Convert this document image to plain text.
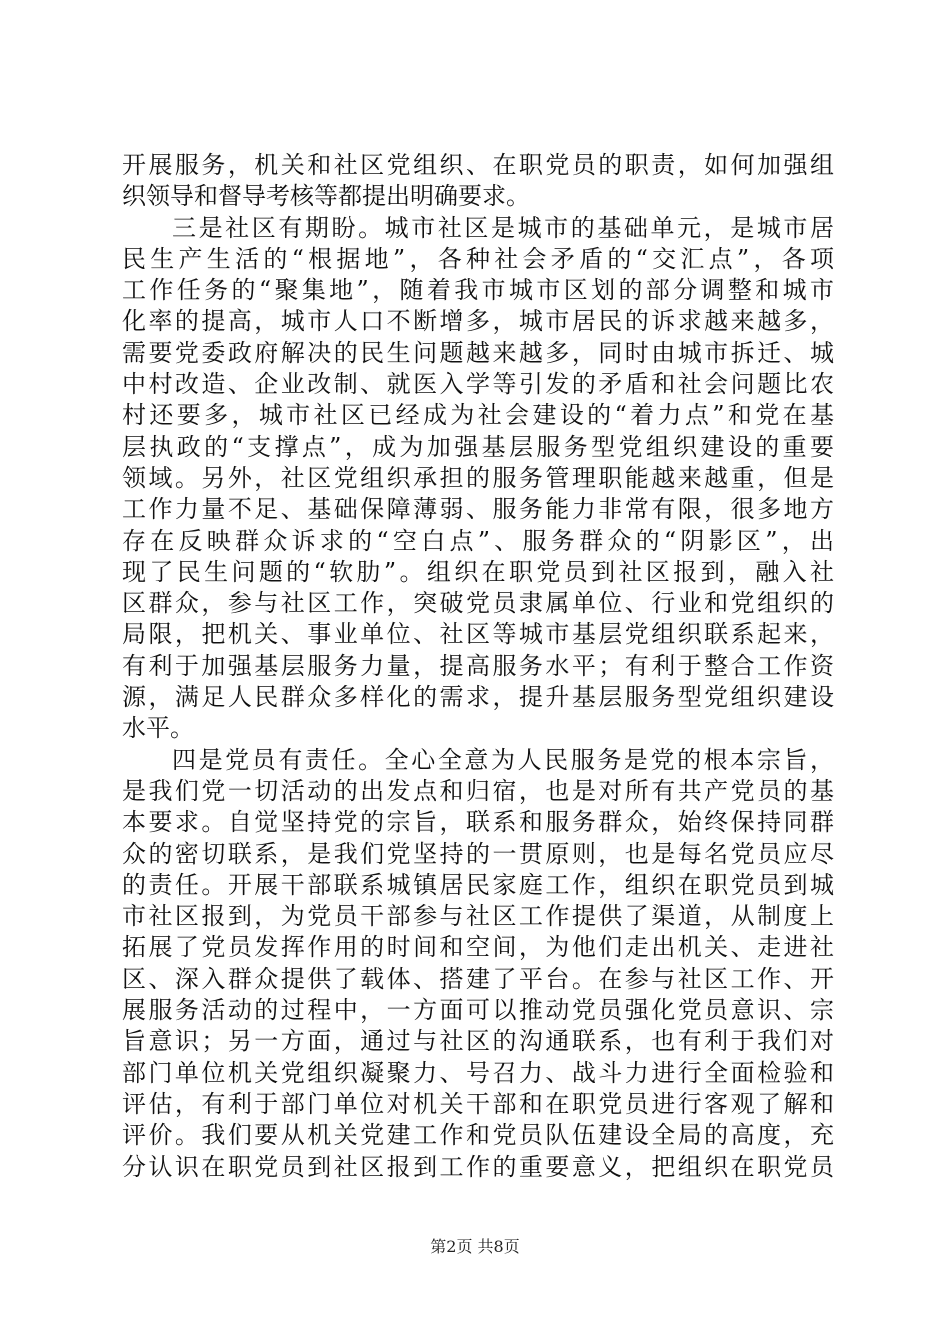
开展服务，机关和社区党组织、在职党员的职责，如何加强组
织领导和督导考核等都提出明确要求。
三是社区有期盼。城市社区是城市的基础单元，是城市居
民生产生活的“根据地”，各种社会矛盾的“交汇点”，各项
工作任务的“聚集地”，随着我市城市区划的部分调整和城市
化率的提高，城市人口不断增多，城市居民的诉求越来越多，
需要党委政府解决的民生问题越来越多，同时由城市拆迁、城
中村改造、企业改制、就医入学等引发的矛盾和社会问题比农
村还要多，城市社区已经成为社会建设的“着力点”和党在基
层执政的“支撑点”，成为加强基层服务型党组织建设的重要
领域。另外，社区党组织承担的服务管理职能越来越重，但是
工作力量不足、基础保障薄弱、服务能力非常有限，很多地方
存在反映群众诉求的“空白点”、服务群众的“阴影区”，出
现了民生问题的“软肋”。组织在职党员到社区报到，融入社
区群众，参与社区工作，突破党员隶属单位、行业和党组织的
局限，把机关、事业单位、社区等城市基层党组织联系起来，
有利于加强基层服务力量，提高服务水平；有利于整合工作资
源，满足人民群众多样化的需求，提升基层服务型党组织建设
水平。
四是党员有责任。全心全意为人民服务是党的根本宗旨，
是我们党一切活动的出发点和归宿，也是对所有共产党员的基
本要求。自觉坚持党的宗旨，联系和服务群众，始终保持同群
众的密切联系，是我们党坚持的一贯原则，也是每名党员应尽
的责任。开展干部联系城镇居民家庭工作，组织在职党员到城
市社区报到，为党员干部参与社区工作提供了渠道，从制度上
拓展了党员发挥作用的时间和空间，为他们走出机关、走进社
区、深入群众提供了载体、搭建了平台。在参与社区工作、开
展服务活动的过程中，一方面可以推动党员强化党员意识、宗
旨意识；另一方面，通过与社区的沟通联系，也有利于我们对
部门单位机关党组织凝聚力、号召力、战斗力进行全面检验和
评估，有利于部门单位对机关干部和在职党员进行客观了解和
评价。我们要从机关党建工作和党员队伍建设全局的高度，充
分认识在职党员到社区报到工作的重要意义，把组织在职党员
第2页 共8页
